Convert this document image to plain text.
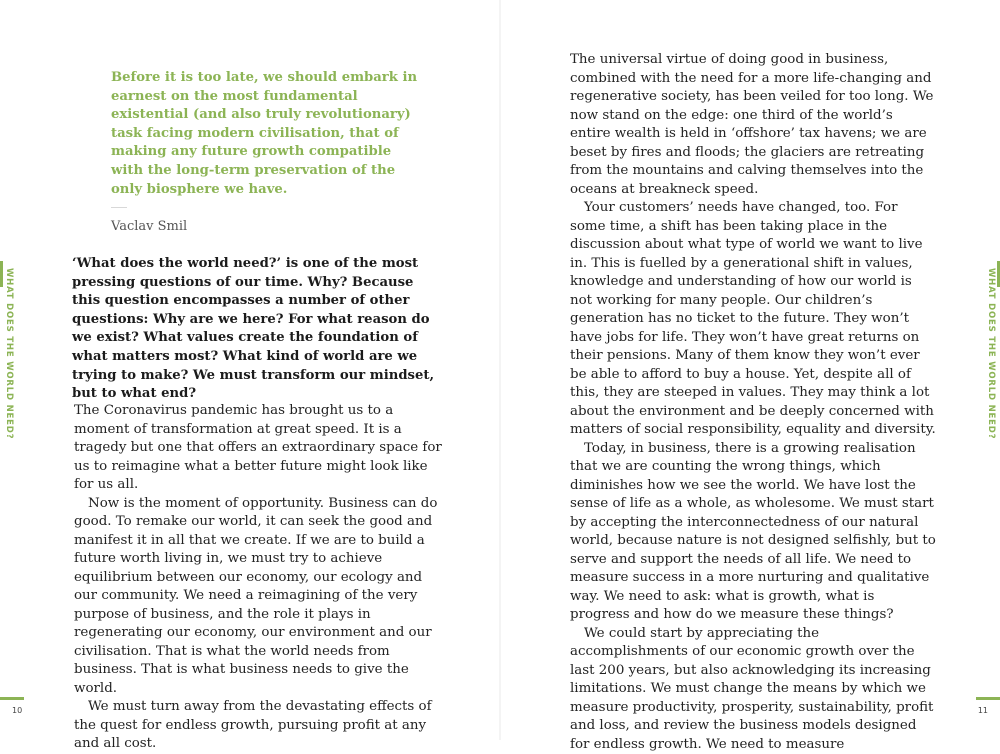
Before it is too late, we should embark in earnest on the most fundamental existential (and also truly revolutionary) task facing modern civilisation, that of making any future growth compatible with the long-term preservation of the only biosphere we have.

Vaclav Smil

‘What does the world need?’ is one of the most pressing questions of our time. Why? Because this question encompasses a number of other questions: Why are we here? For what reason do we exist? What values create the foundation of what matters most? What kind of world are we trying to make? We must transform our mindset, but to what end?

The Coronavirus pandemic has brought us to a moment of transformation at great speed. It is a tragedy but one that offers an extraordinary space for us to reimagine what a better future might look like for us all.

Now is the moment of opportunity. Business can do good. To remake our world, it can seek the good and manifest it in all that we create. If we are to build a future worth living in, we must try to achieve equilibrium between our economy, our ecology and our community. We need a reimagining of the very purpose of business, and the role it plays in regenerating our economy, our environment and our civilisation. That is what the world needs from business. That is what business needs to give the world.

We must turn away from the devastating effects of the quest for endless growth, pursuing profit at any and all cost.

WHAT DOES THE WORLD NEED?
10

The universal virtue of doing good in business, combined with the need for a more life-changing and regenerative society, has been veiled for too long. We now stand on the edge: one third of the world’s entire wealth is held in ‘offshore’ tax havens; we are beset by fires and floods; the glaciers are retreating from the mountains and calving themselves into the oceans at breakneck speed.

Your customers’ needs have changed, too. For some time, a shift has been taking place in the discussion about what type of world we want to live in. This is fuelled by a generational shift in values, knowledge and understanding of how our world is not working for many people. Our children’s generation has no ticket to the future. They won’t have jobs for life. They won’t have great returns on their pensions. Many of them know they won’t ever be able to afford to buy a house. Yet, despite all of this, they are steeped in values. They may think a lot about the environment and be deeply concerned with matters of social responsibility, equality and diversity.

Today, in business, there is a growing realisation that we are counting the wrong things, which diminishes how we see the world. We have lost the sense of life as a whole, as wholesome. We must start by accepting the interconnectedness of our natural world, because nature is not designed selfishly, but to serve and support the needs of all life. We need to measure success in a more nurturing and qualitative way. We need to ask: what is growth, what is progress and how do we measure these things?

We could start by appreciating the accomplishments of our economic growth over the last 200 years, but also acknowledging its increasing limitations. We must change the means by which we measure productivity, prosperity, sustainability, profit and loss, and review the business models designed for endless growth. We need to measure

WHAT DOES THE WORLD NEED?
11
